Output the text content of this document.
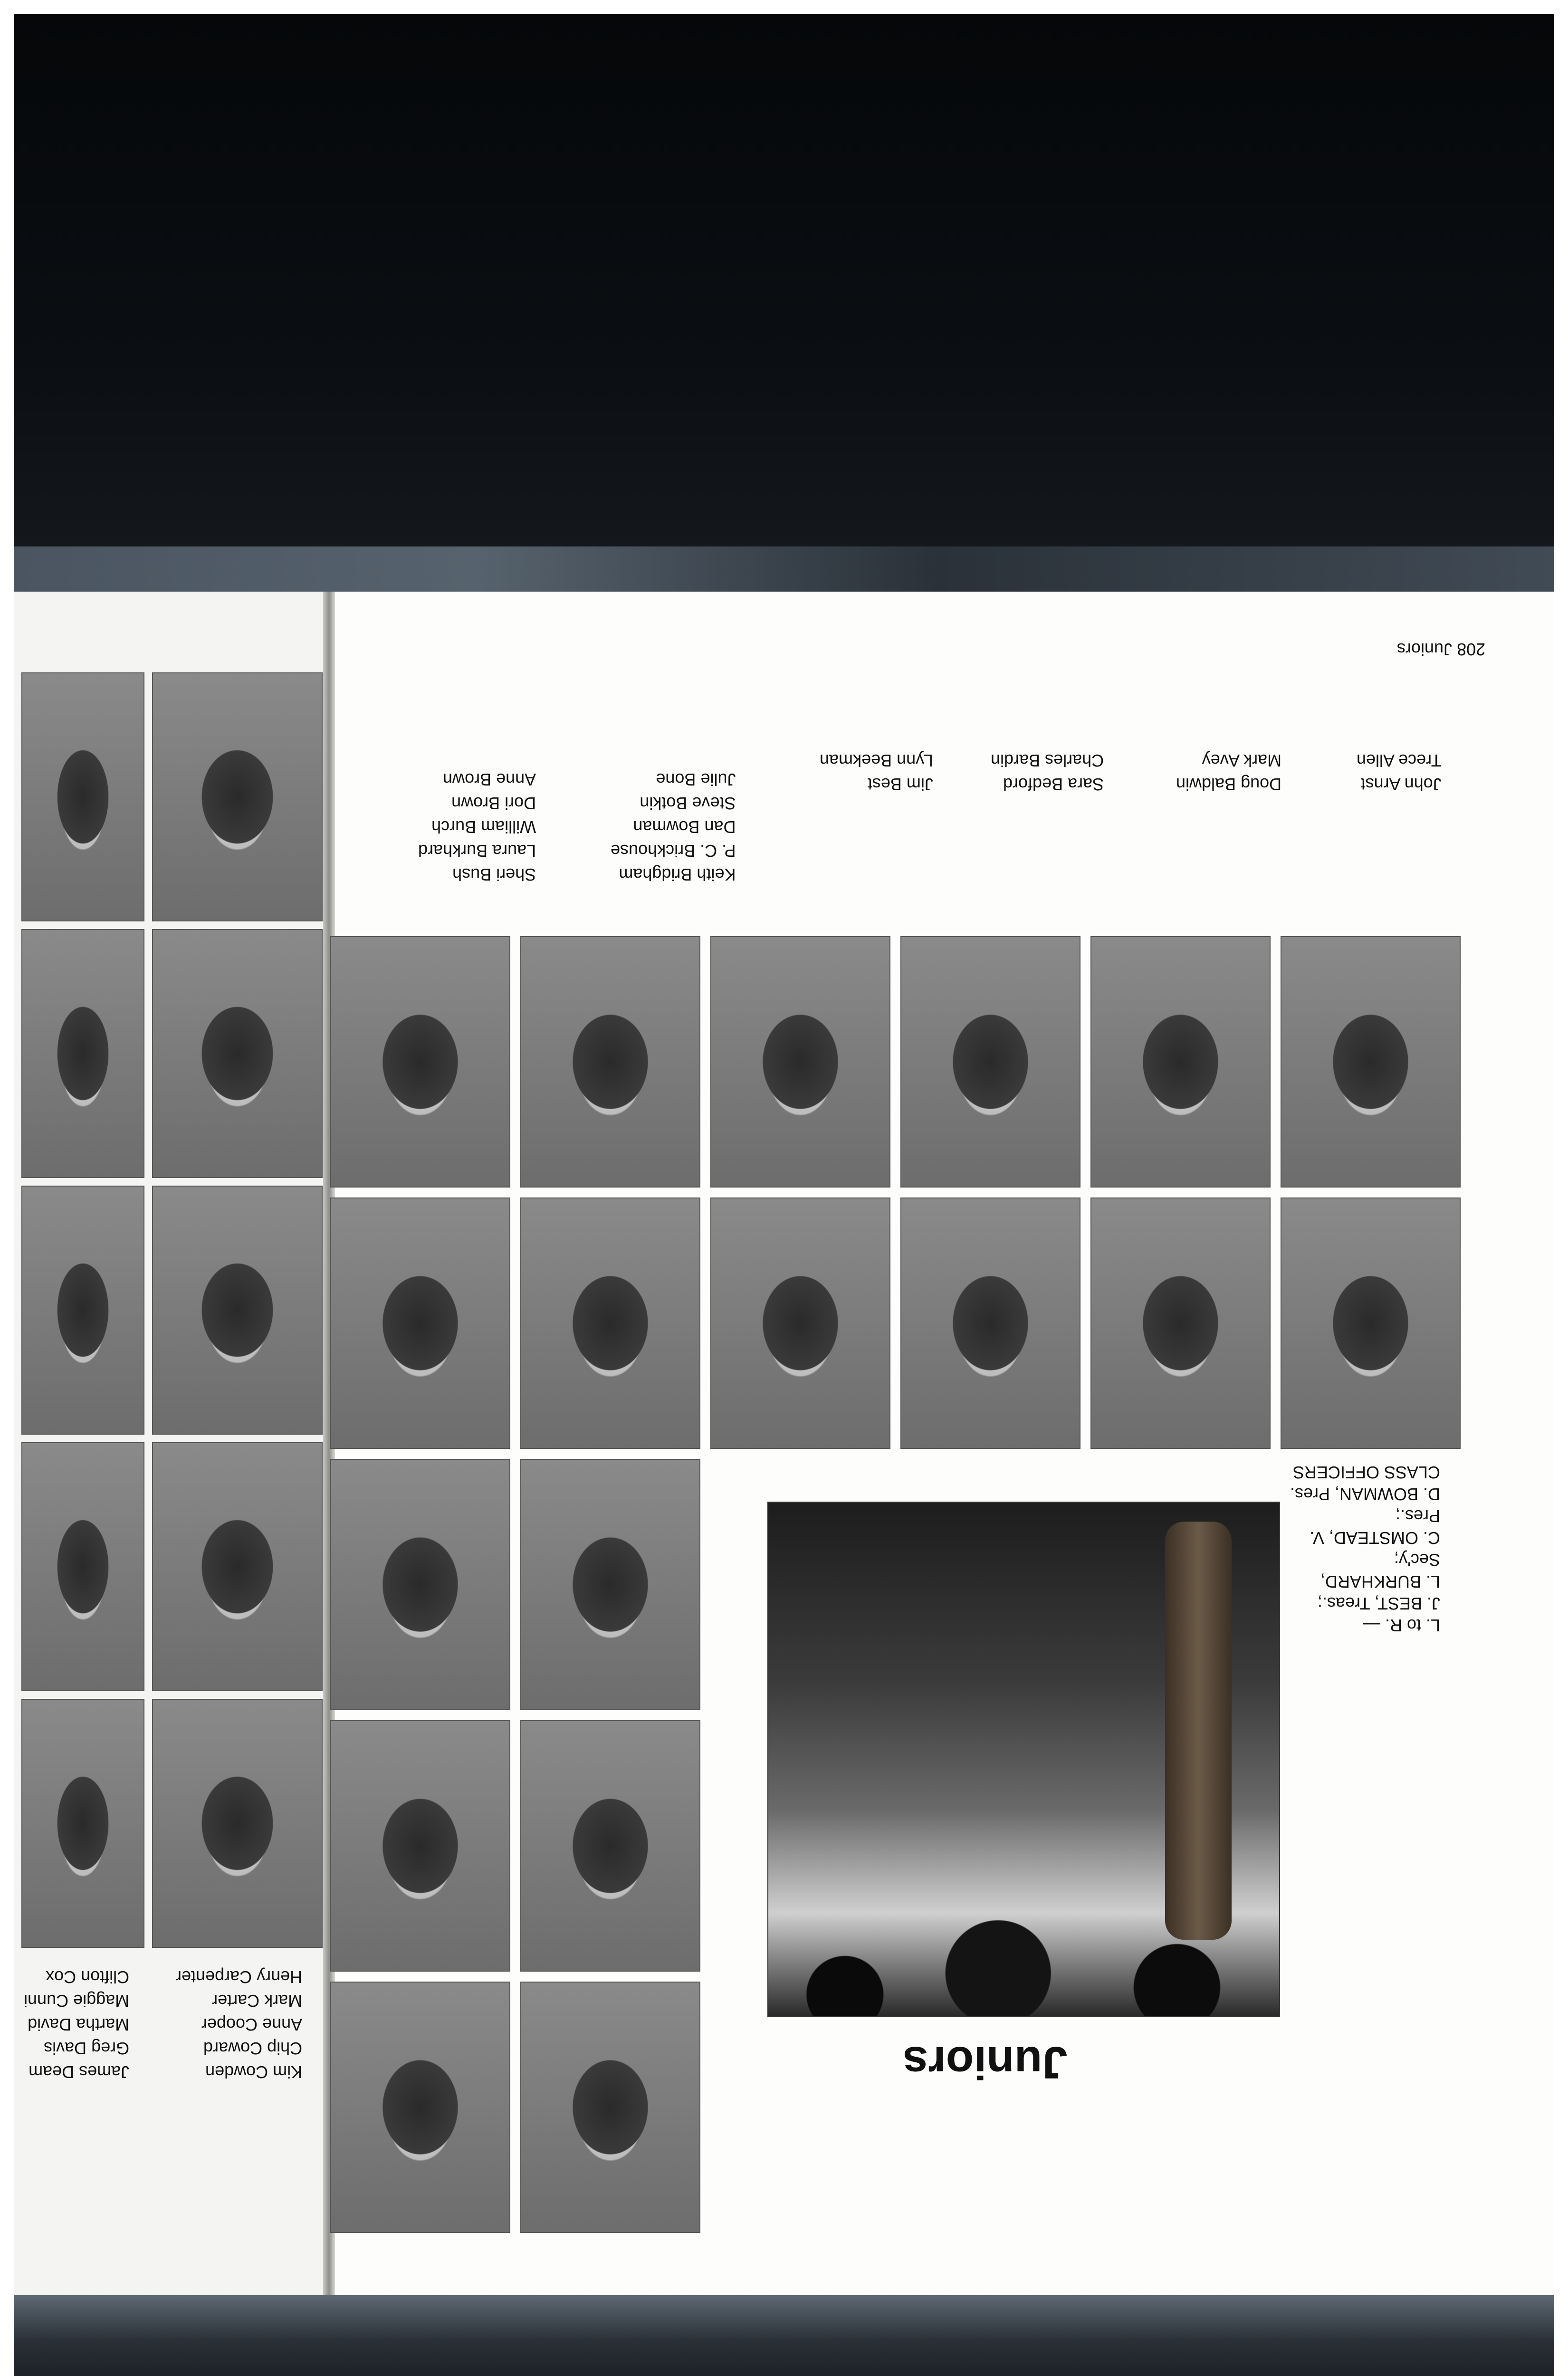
208 Juniors
John Arnst
Trece Allen
Doug Baldwin
Mark Avey
Sara Bedford
Charles Bardin
Jim Best
Lynn Beekman
Keith Bridgham
P. C. Brickhouse
Dan Bowman
Steve Botkin
Julie Bone
Sheri Bush
Laura Burkhard
William Burch
Dori Brown
Anne Brown
L. to R. —
J. BEST, Treas.;
L. BURKHARD,
Sec'y;
C. OMSTEAD, V.
Pres.;
D. BOWMAN, Pres.
CLASS OFFICERS
Juniors
Kim Cowden
Chip Coward
Anne Cooper
Mark Carter
Henry Carpenter
James Deam
Greg Davis
Martha David
Maggie Cunni
Clifton Cox
